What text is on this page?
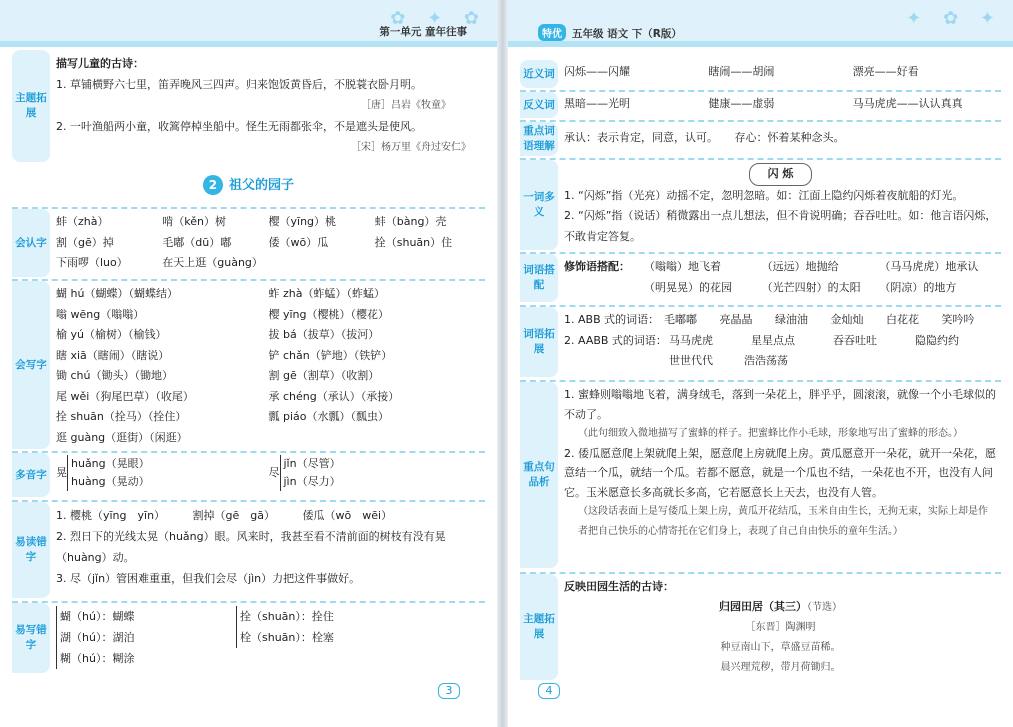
✿ ✦ ✿
第一单元 童年往事
主题拓展
描写儿童的古诗：
1. 草铺横野六七里，笛弄晚风三四声。归来饱饭黄昏后，不脱蓑衣卧月明。
［唐］吕岩《牧童》
2. 一叶渔船两小童，收篙停棹坐船中。怪生无雨都张伞，不是遮头是使风。
［宋］杨万里《舟过安仁》
2 祖父的园子
会认字
蚌（zhà）	啃（kěn）树	樱（yīng）桃	蚌（bàng）壳
割（gē）掉	毛嘟（dū）嘟	倭（wō）瓜	拴（shuān）住
下雨啰（luo）	在天上逛（guàng）
会写字
蝴 hú（蝴蝶）（蝴蝶结）	蚱 zhà（蚱蜢）（蚱蜢）
嗡 wēng（嗡嗡）	樱 yīng（樱桃）（樱花）
榆 yú（榆树）（榆钱）	拔 bá（拔草）（拔河）
瞎 xiā（瞎闹）（瞎说）	铲 chǎn（铲地）（铁铲）
锄 chú（锄头）（锄地）	割 gē（割草）（收割）
尾 wěi（狗尾巴草）（收尾）	承 chéng（承认）（承接）
拴 shuān（拴马）（拴住）	瓢 piáo（水瓢）（瓢虫）
逛 guàng（逛街）（闲逛）
多音字 晃
huǎng（晃眼）
huàng（晃动）
尽
jǐn（尽管）
jìn（尽力）
易读错字
1. 樱桃（yīng　yīn）　　　割掉（gē　gā）　　　倭瓜（wō　wēi）
2. 烈日下的光线太晃（huǎng）眼。风来时，我甚至看不清前面的树枝有没有晃（huàng）动。
3. 尽（jǐn）管困难重重，但我们会尽（jìn）力把这件事做好。
易写错字
蝴（hú）：蝴蝶
湖（hú）：湖泊
糊（hú）：糊涂
拴（shuān）：拴住
栓（shuān）：栓塞
3
✦ ✿ ✦
特优 五年级 语文 下（R版）
近义词 闪烁——闪耀	瞎闹——胡闹	漂亮——好看
反义词 黑暗——光明	健康——虚弱	马马虎虎——认认真真
重点词语理解
承认：表示肯定，同意，认可。　　 存心：怀着某种念头。
一词多义
闪 烁
1. “闪烁”指（光亮）动摇不定，忽明忽暗。如：江面上隐约闪烁着夜航船的灯光。
2. “闪烁”指（说话）稍微露出一点儿想法，但不肯说明确；吞吞吐吐。如：他言语闪烁，不敢肯定答复。
词语搭配
修饰语搭配：	（嗡嗡）地飞着	（远远）地抛给	（马马虎虎）地承认
（明晃晃）的花园	（光芒四射）的太阳	（阴凉）的地方
词语拓展
1. ABB 式的词语： 毛嘟嘟	亮晶晶	绿油油	金灿灿	白花花	笑吟吟
2. AABB 式的词语： 马马虎虎	星星点点	吞吞吐吐	隐隐约约
世世代代	浩浩荡荡
重点句品析
1. 蜜蜂则嗡嗡地飞着，满身绒毛，落到一朵花上，胖乎乎，圆滚滚，就像一个小毛球似的不动了。
（此句细致入微地描写了蜜蜂的样子。把蜜蜂比作小毛球，形象地写出了蜜蜂的形态。）
2. 倭瓜愿意爬上架就爬上架，愿意爬上房就爬上房。黄瓜愿意开一朵花，就开一朵花，愿意结一个瓜，就结一个瓜。若都不愿意，就是一个瓜也不结，一朵花也不开，也没有人问它。玉米愿意长多高就长多高，它若愿意长上天去，也没有人管。
（这段话表面上是写倭瓜上架上房，黄瓜开花结瓜，玉米自由生长，无拘无束，实际上却是作者把自己快乐的心情寄托在它们身上，表现了自己自由快乐的童年生活。）
主题拓展
反映田园生活的古诗：
归园田居（其三）（节选）
［东晋］陶渊明
种豆南山下，草盛豆苗稀。
晨兴理荒秽，带月荷锄归。
4
